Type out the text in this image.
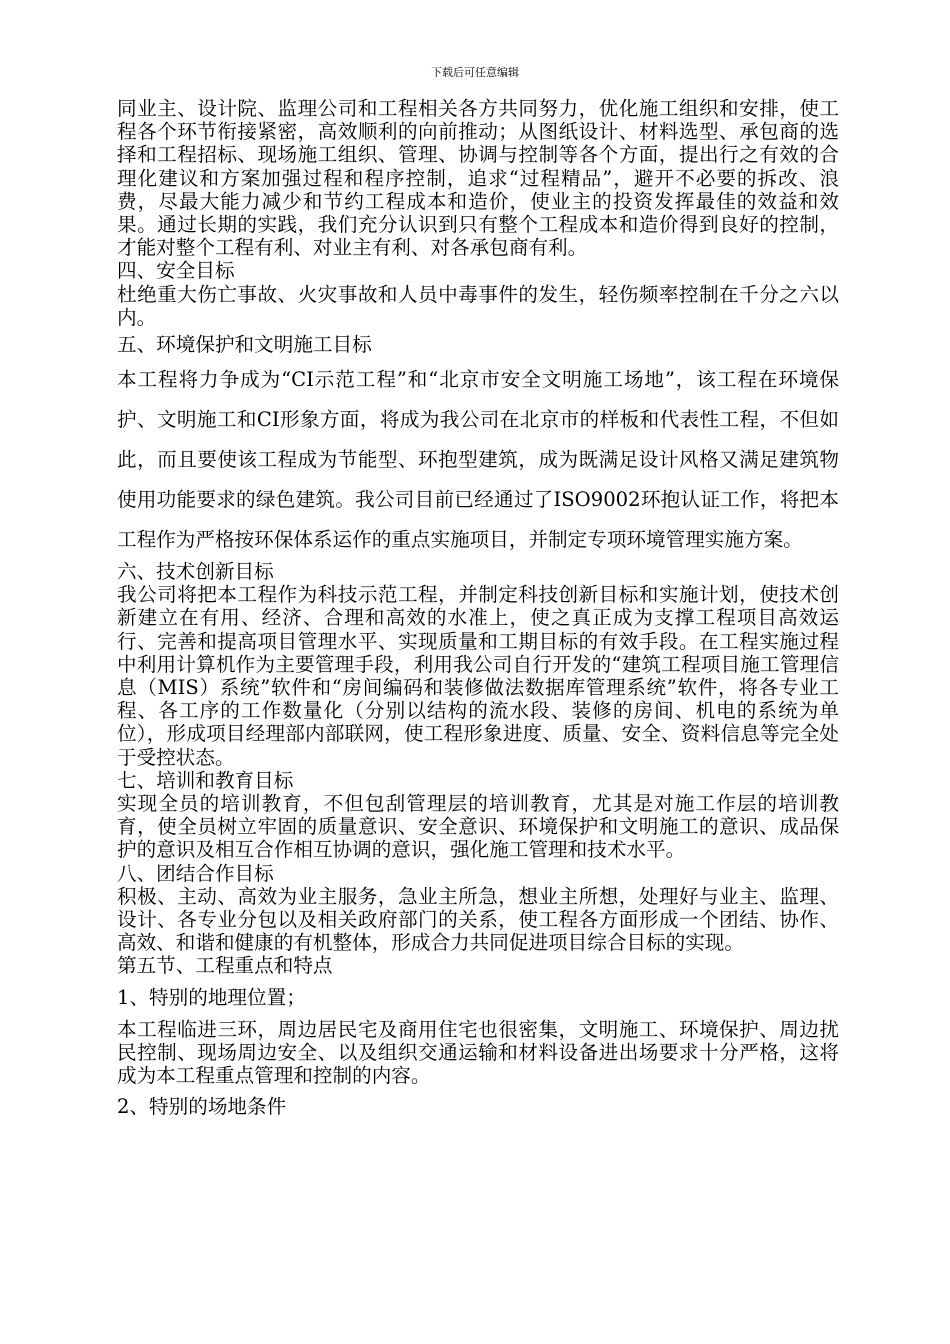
下载后可任意编辑

同业主、设计院、监理公司和工程相关各方共同努力，优化施工组织和安排，使工程各个环节衔接紧密，高效顺利的向前推动；从图纸设计、材料选型、承包商的选择和工程招标、现场施工组织、管理、协调与控制等各个方面，提出行之有效的合理化建议和方案加强过程和程序控制，追求“过程精品”，避开不必要的拆改、浪费，尽最大能力减少和节约工程成本和造价，使业主的投资发挥最佳的效益和效果。通过长期的实践，我们充分认识到只有整个工程成本和造价得到良好的控制，才能对整个工程有利、对业主有利、对各承包商有利。

四、安全目标

杜绝重大伤亡事故、火灾事故和人员中毒事件的发生，轻伤频率控制在千分之六以内。

五、环境保护和文明施工目标

本工程将力争成为“CI示范工程”和“北京市安全文明施工场地”，该工程在环境保护、文明施工和CI形象方面，将成为我公司在北京市的样板和代表性工程，不但如此，而且要使该工程成为节能型、环抱型建筑，成为既满足设计风格又满足建筑物使用功能要求的绿色建筑。我公司目前已经通过了ISO9002环抱认证工作，将把本工程作为严格按环保体系运作的重点实施项目，并制定专项环境管理实施方案。

六、技术创新目标

我公司将把本工程作为科技示范工程，并制定科技创新目标和实施计划，使技术创新建立在有用、经济、合理和高效的水准上，使之真正成为支撑工程项目高效运行、完善和提高项目管理水平、实现质量和工期目标的有效手段。在工程实施过程中利用计算机作为主要管理手段，利用我公司自行开发的“建筑工程项目施工管理信息（MIS）系统”软件和“房间编码和装修做法数据库管理系统”软件，将各专业工程、各工序的工作数量化（分别以结构的流水段、装修的房间、机电的系统为单位），形成项目经理部内部联网，使工程形象进度、质量、安全、资料信息等完全处于受控状态。

七、培训和教育目标

实现全员的培训教育，不但包刮管理层的培训教育，尤其是对施工作层的培训教育，使全员树立牢固的质量意识、安全意识、环境保护和文明施工的意识、成品保护的意识及相互合作相互协调的意识，强化施工管理和技术水平。

八、团结合作目标

积极、主动、高效为业主服务，急业主所急，想业主所想，处理好与业主、监理、设计、各专业分包以及相关政府部门的关系，使工程各方面形成一个团结、协作、高效、和谐和健康的有机整体，形成合力共同促进项目综合目标的实现。

第五节、工程重点和特点

1、特别的地理位置；

本工程临进三环，周边居民宅及商用住宅也很密集，文明施工、环境保护、周边扰民控制、现场周边安全、以及组织交通运输和材料设备进出场要求十分严格，这将成为本工程重点管理和控制的内容。

2、特别的场地条件
